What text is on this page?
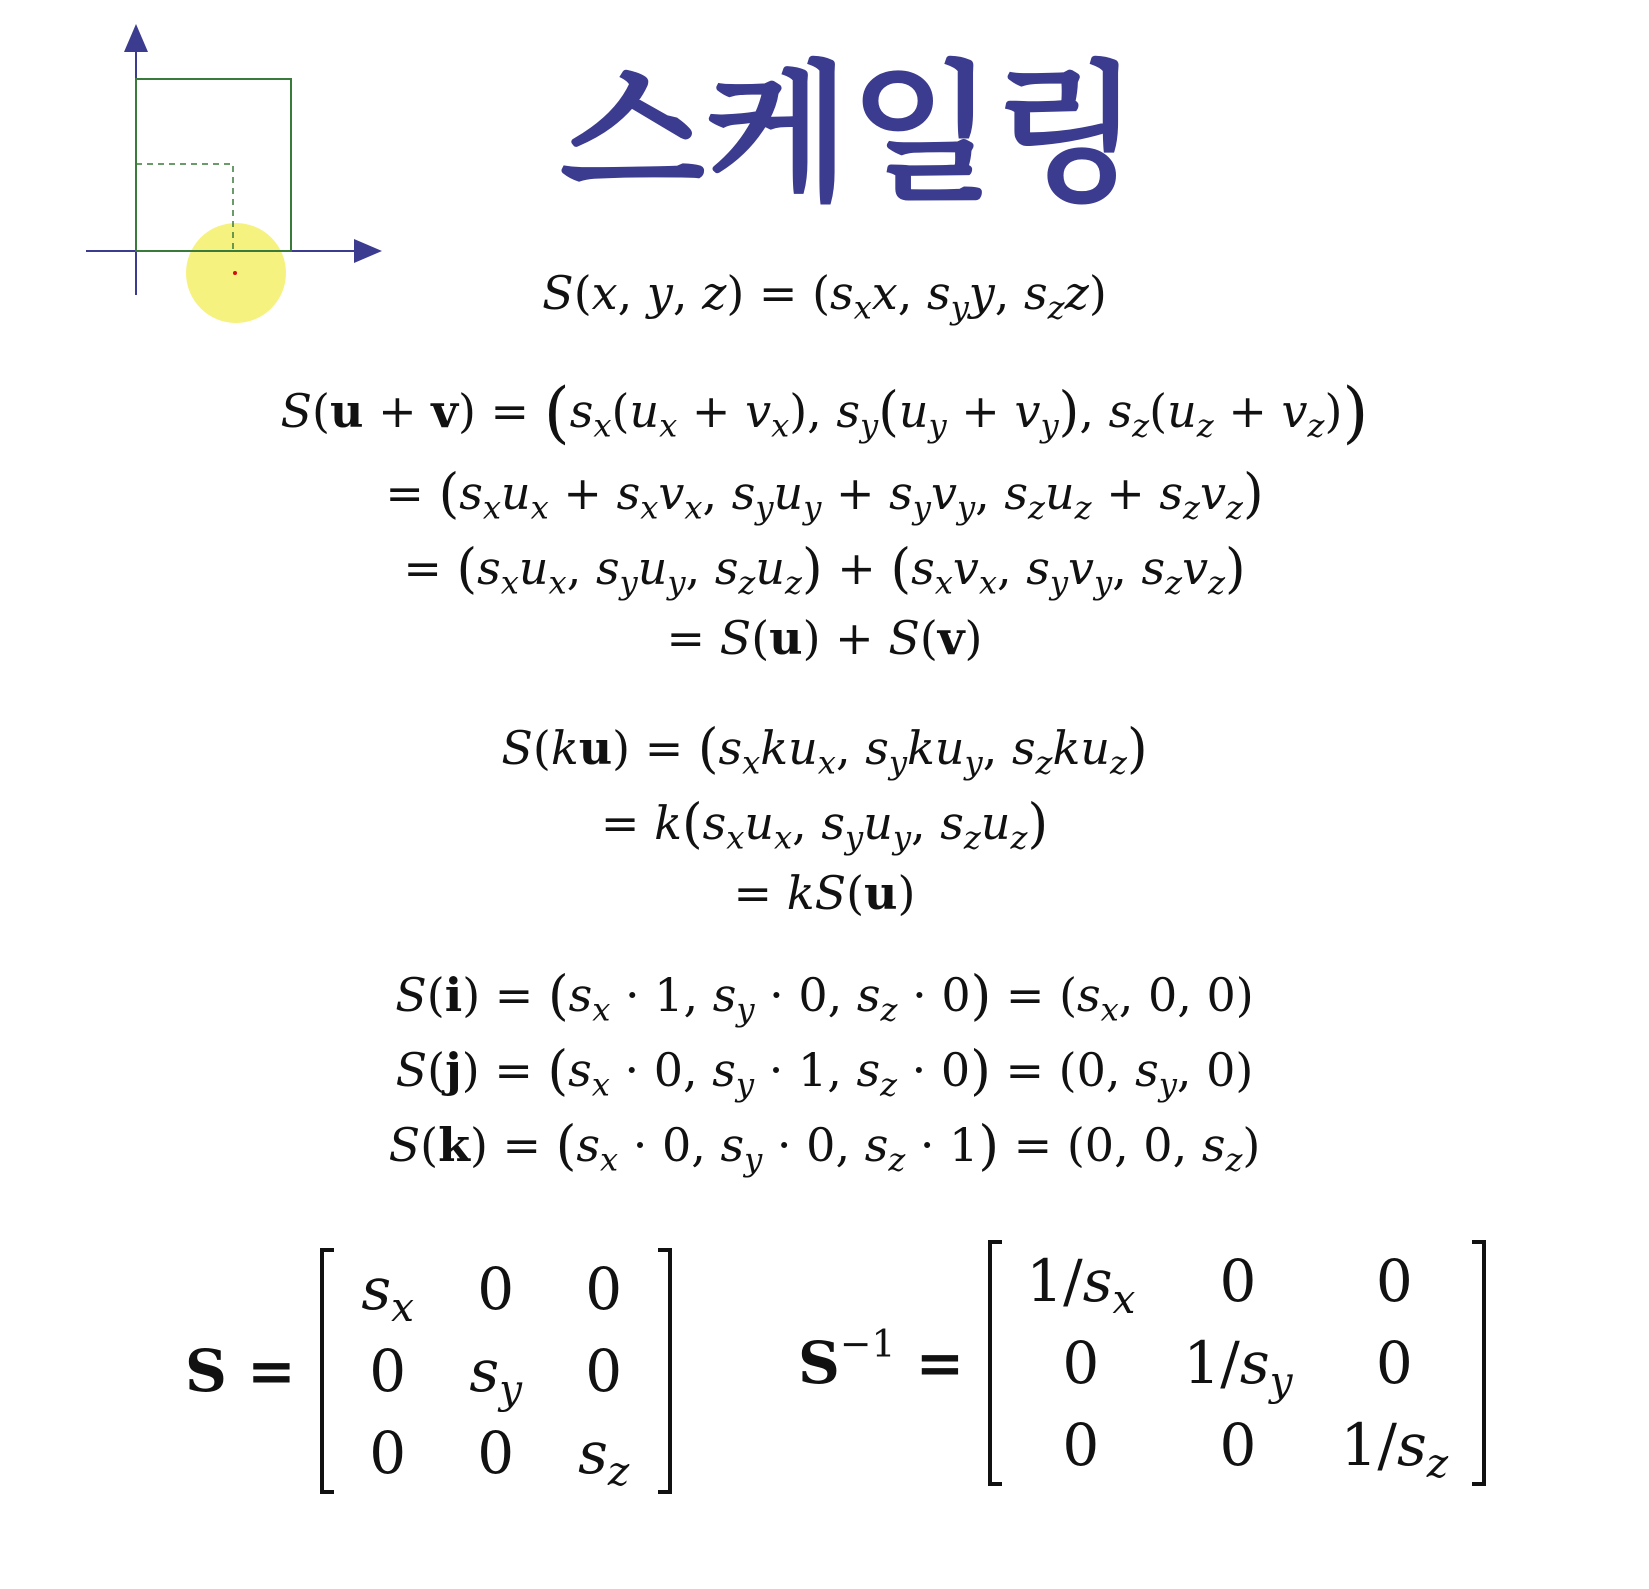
스케일링
S(x, y, $z) = (s_xx$, $s_yy$, $s_zz$)
$S(u + v) = (s_x(u_x + v_x)$, $s_y(u_y + v_y)$, $s_z(u_z + v_z)$)
= ($s_xu_x + s_xv_x$, $s_yu_y + s_yv_y$, $s_zu_z + s_zv_z$)
= ($s_xu_x$, $s_yu_y$, $s_zu_z) + (s_xv_x$, $s_yv_y$, $s_zv_z$)
= S(u) + S(v)
$S(ku) = (s_xku_x$, $s_yku_y$, $s_zku_z$)
= $k(s_xu_x$, $s_yu_y$, $s_zu_z$)
= kS(u)
$S(i) = (s_x \cdot 1$, $s_y \cdot 0$, $s_z \cdot 0) = (s_x$, 0, 0)
$S(j) = (s_x \cdot 0$, $s_y \cdot 1$, $s_z \cdot 0) = (0$, $s_y$, 0)
$S(k) = (s_x \cdot 0$, $s_y \cdot 0$, $s_z \cdot 1) = (0$, 0, $s_z$)
S =
$s_x$	0	0
0	$s_y$	0
0	0	$s_z$
$S^{-1}$ =
$1/s_x$	0	0
0	$1/s_y$	0
0	0	$1/s_z$
